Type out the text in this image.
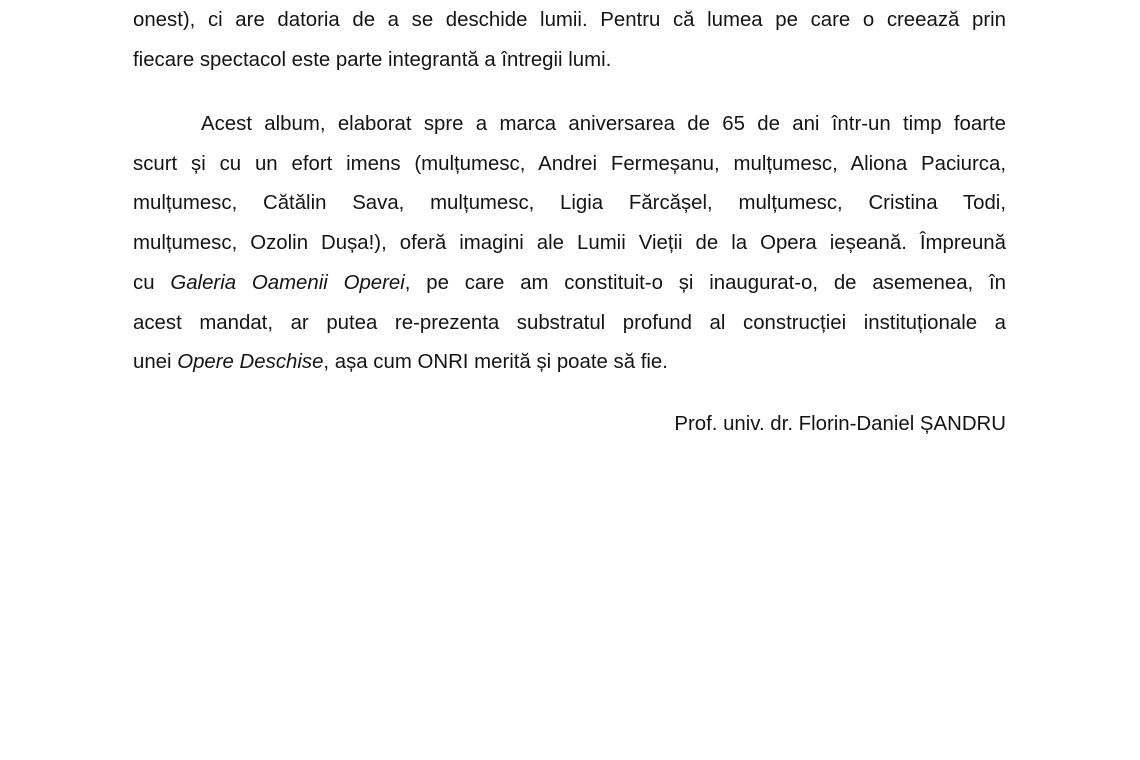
onest), ci are datoria de a se deschide lumii. Pentru că lumea pe care o creează prin
fiecare spectacol este parte integrantă a întregii lumi.
Acest album, elaborat spre a marca aniversarea de 65 de ani într-un timp foarte
scurt și cu un efort imens (mulțumesc, Andrei Fermeșanu, mulțumesc, Aliona Paciurca,
mulțumesc, Cătălin Sava, mulțumesc, Ligia Fărcășel, mulțumesc, Cristina Todi,
mulțumesc, Ozolin Dușa!), oferă imagini ale Lumii Vieții de la Opera ieșeană. Împreună
cu Galeria Oamenii Operei, pe care am constituit-o și inaugurat-o, de asemenea, în
acest mandat, ar putea re-prezenta substratul profund al construcției instituționale a
unei Opere Deschise, așa cum ONRI merită și poate să fie.
Prof. univ. dr. Florin-Daniel ȘANDRU
